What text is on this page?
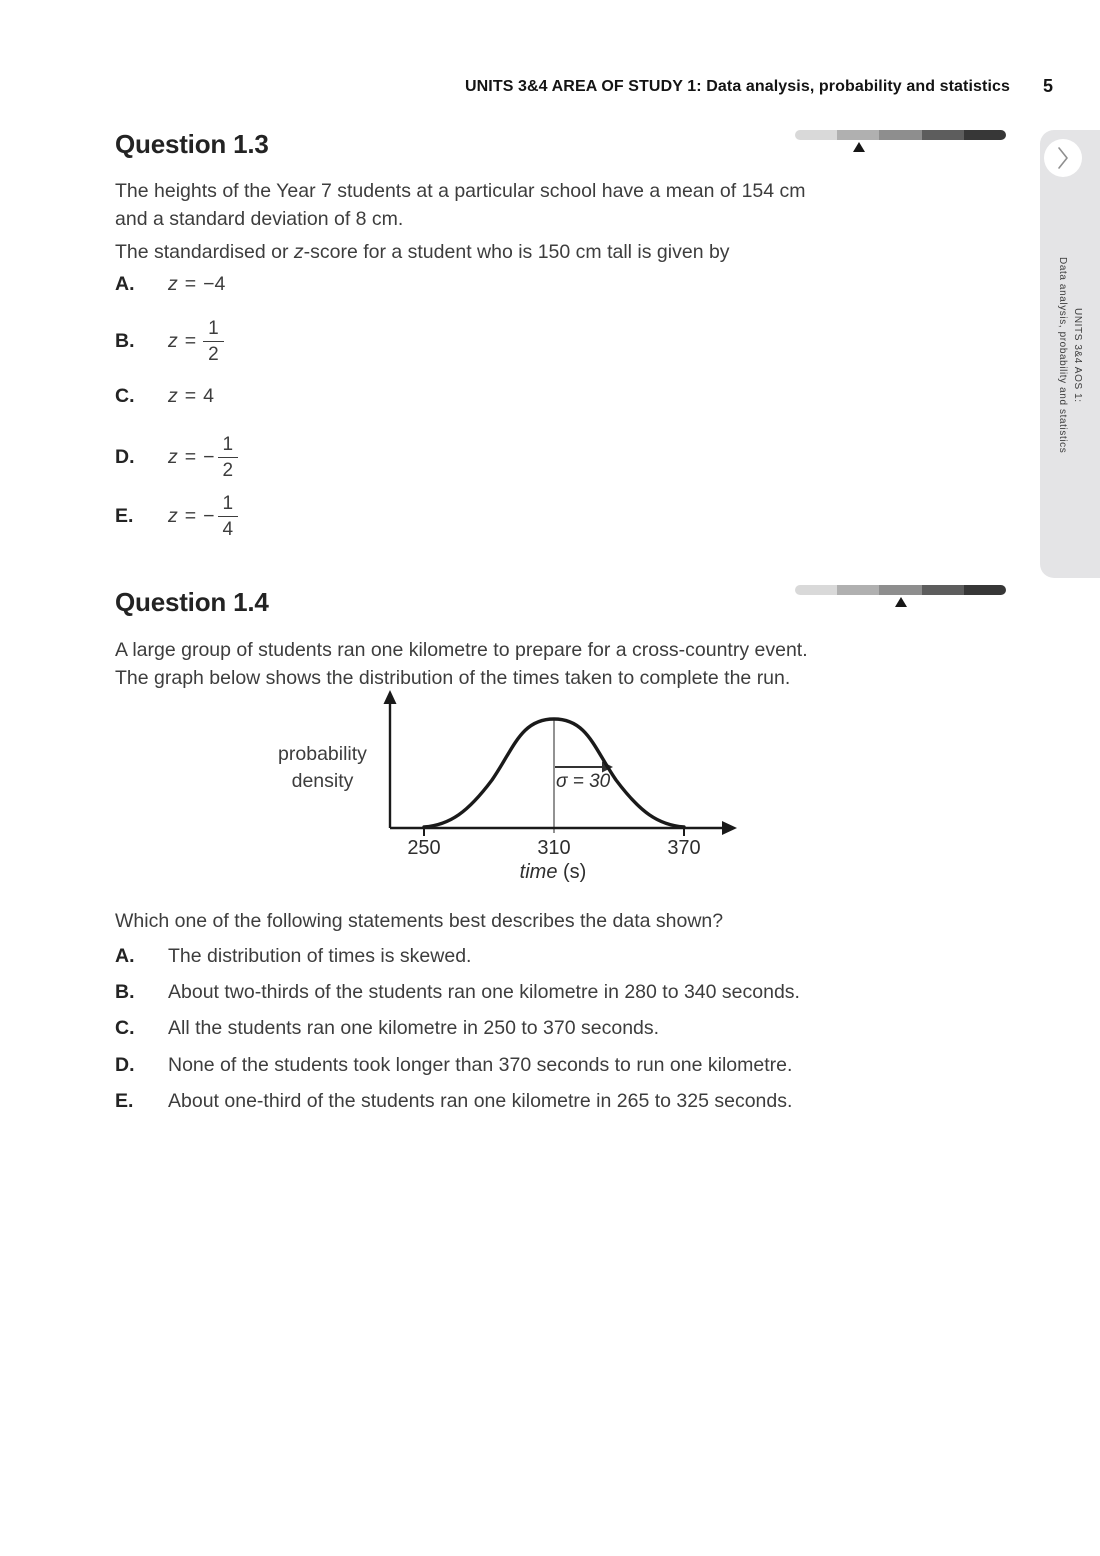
UNITS 3&4 AREA OF STUDY 1: Data analysis, probability and statistics 5
UNITS 3&4 AOS 1:
Data analysis, probability and statistics
Question 1.3
The heights of the Year 7 students at a particular school have a mean of 154 cm
and a standard deviation of 8 cm.
The standardised or z-score for a student who is 150 cm tall is given by
A.	z = −4
B.	$z = \frac{1}{2}$
C.	z = 4
D.	z = − $\frac{1}{2}$
E.	z = − $\frac{1}{4}$
Question 1.4
A large group of students ran one kilometre to prepare for a cross-country event.
The graph below shows the distribution of the times taken to complete the run.
probability
density	σ = 30
250	310	370
time (s)
Which one of the following statements best describes the data shown?
A.	The distribution of times is skewed.
B.	About two-thirds of the students ran one kilometre in 280 to 340 seconds.
C.	All the students ran one kilometre in 250 to 370 seconds.
D.	None of the students took longer than 370 seconds to run one kilometre.
E.	About one-third of the students ran one kilometre in 265 to 325 seconds.
